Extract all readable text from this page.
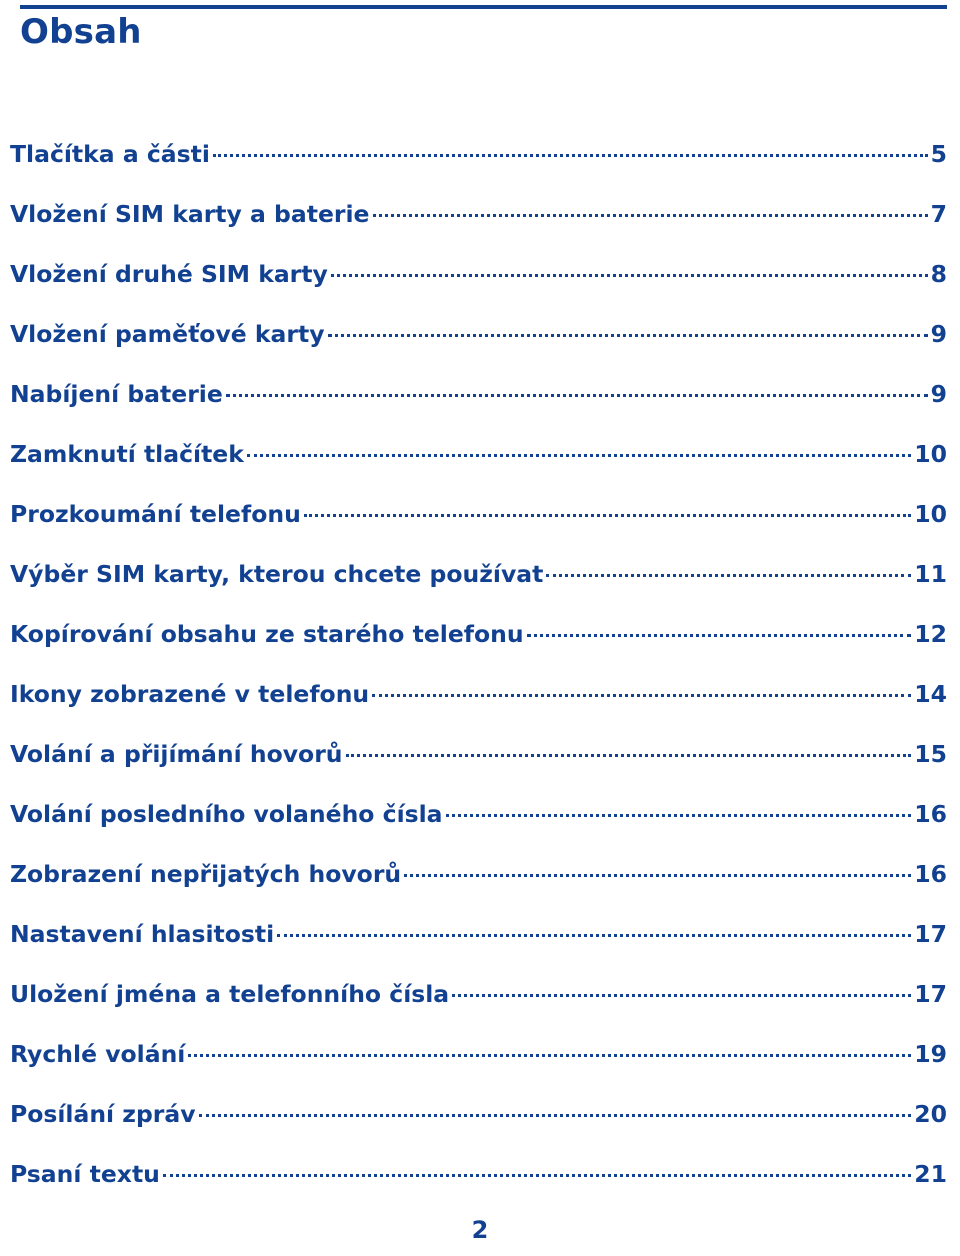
Obsah
Tlačítka a části	5
Vložení SIM karty a baterie	7
Vložení druhé SIM karty	8
Vložení paměťové karty	9
Nabíjení baterie	9
Zamknutí tlačítek	10
Prozkoumání telefonu	10
Výběr SIM karty, kterou chcete používat	11
Kopírování obsahu ze starého telefonu	12
Ikony zobrazené v telefonu	14
Volání a přijímání hovorů	15
Volání posledního volaného čísla	16
Zobrazení nepřijatých hovorů	16
Nastavení hlasitosti	17
Uložení jména a telefonního čísla	17
Rychlé volání	19
Posílání zpráv	20
Psaní textu	21
2
